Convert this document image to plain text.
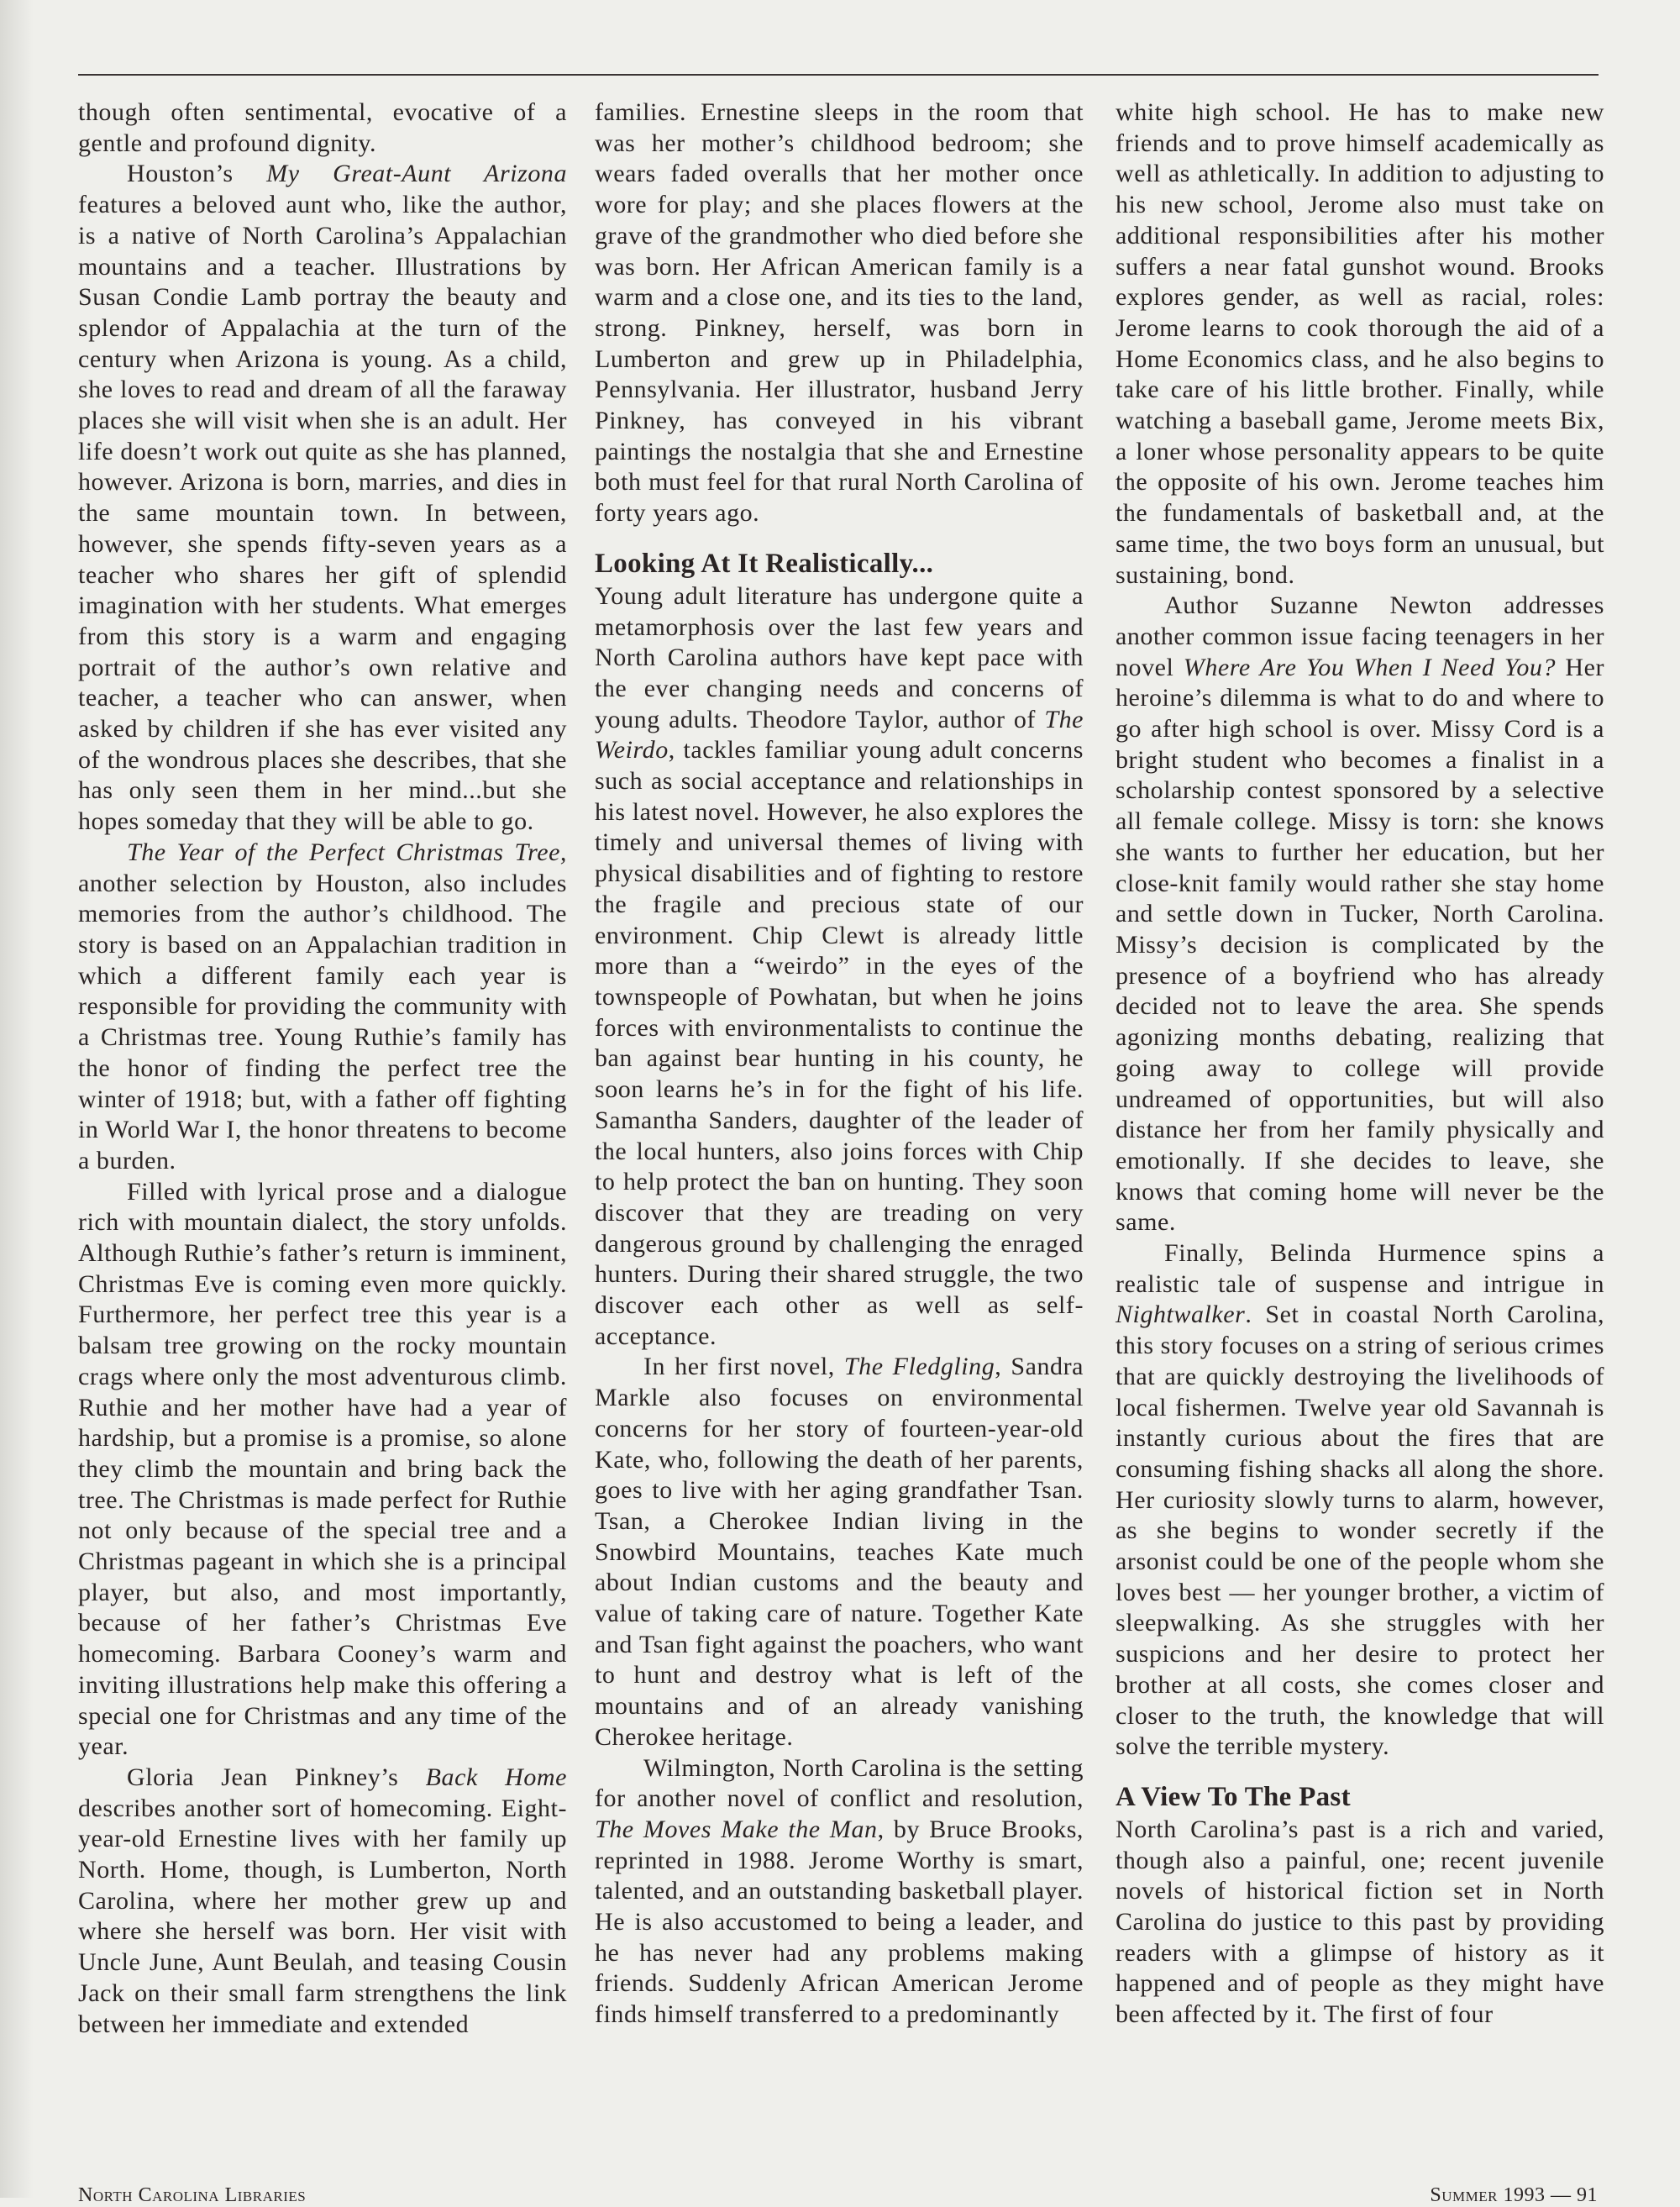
though often sentimental, evocative of a gentle and profound dignity.

Houston’s My Great-Aunt Arizona features a beloved aunt who, like the author, is a native of North Carolina’s Appalachian mountains and a teacher. Illustrations by Susan Condie Lamb portray the beauty and splendor of Appalachia at the turn of the century when Arizona is young. As a child, she loves to read and dream of all the faraway places she will visit when she is an adult. Her life doesn’t work out quite as she has planned, however. Arizona is born, marries, and dies in the same mountain town. In between, however, she spends fifty-seven years as a teacher who shares her gift of splendid imagination with her students. What emerges from this story is a warm and engaging portrait of the author’s own relative and teacher, a teacher who can answer, when asked by children if she has ever visited any of the wondrous places she describes, that she has only seen them in her mind...but she hopes someday that they will be able to go.

The Year of the Perfect Christmas Tree, another selection by Houston, also includes memories from the author’s childhood. The story is based on an Appalachian tradition in which a different family each year is responsible for providing the community with a Christmas tree. Young Ruthie’s family has the honor of finding the perfect tree the winter of 1918; but, with a father off fighting in World War I, the honor threatens to become a burden.

Filled with lyrical prose and a dialogue rich with mountain dialect, the story unfolds. Although Ruthie’s father’s return is imminent, Christmas Eve is coming even more quickly. Furthermore, her perfect tree this year is a balsam tree growing on the rocky mountain crags where only the most adventurous climb. Ruthie and her mother have had a year of hardship, but a promise is a promise, so alone they climb the mountain and bring back the tree. The Christmas is made perfect for Ruthie not only because of the special tree and a Christmas pageant in which she is a principal player, but also, and most importantly, because of her father’s Christmas Eve homecoming. Barbara Cooney’s warm and inviting illustrations help make this offering a special one for Christmas and any time of the year.

Gloria Jean Pinkney’s Back Home describes another sort of homecoming. Eight-year-old Ernestine lives with her family up North. Home, though, is Lumberton, North Carolina, where her mother grew up and where she herself was born. Her visit with Uncle June, Aunt Beulah, and teasing Cousin Jack on their small farm strengthens the link between her immediate and extended

families. Ernestine sleeps in the room that was her mother’s childhood bedroom; she wears faded overalls that her mother once wore for play; and she places flowers at the grave of the grandmother who died before she was born. Her African American family is a warm and a close one, and its ties to the land, strong. Pinkney, herself, was born in Lumberton and grew up in Philadelphia, Pennsylvania. Her illustrator, husband Jerry Pinkney, has conveyed in his vibrant paintings the nostalgia that she and Ernestine both must feel for that rural North Carolina of forty years ago.

Looking At It Realistically...

Young adult literature has undergone quite a metamorphosis over the last few years and North Carolina authors have kept pace with the ever changing needs and concerns of young adults. Theodore Taylor, author of The Weirdo, tackles familiar young adult concerns such as social acceptance and relationships in his latest novel. However, he also explores the timely and universal themes of living with physical disabilities and of fighting to restore the fragile and precious state of our environment. Chip Clewt is already little more than a “weirdo” in the eyes of the townspeople of Powhatan, but when he joins forces with environmentalists to continue the ban against bear hunting in his county, he soon learns he’s in for the fight of his life. Samantha Sanders, daughter of the leader of the local hunters, also joins forces with Chip to help protect the ban on hunting. They soon discover that they are treading on very dangerous ground by challenging the enraged hunters. During their shared struggle, the two discover each other as well as self- acceptance.

In her first novel, The Fledgling, Sandra Markle also focuses on environmental concerns for her story of fourteen-year-old Kate, who, following the death of her parents, goes to live with her aging grandfather Tsan. Tsan, a Cherokee Indian living in the Snowbird Mountains, teaches Kate much about Indian customs and the beauty and value of taking care of nature. Together Kate and Tsan fight against the poachers, who want to hunt and destroy what is left of the mountains and of an already vanishing Cherokee heritage.

Wilmington, North Carolina is the setting for another novel of conflict and resolution, The Moves Make the Man, by Bruce Brooks, reprinted in 1988. Jerome Worthy is smart, talented, and an outstanding basketball player. He is also accustomed to being a leader, and he has never had any problems making friends. Suddenly African American Jerome finds himself transferred to a predominantly

white high school. He has to make new friends and to prove himself academically as well as athletically. In addition to adjusting to his new school, Jerome also must take on additional responsibilities after his mother suffers a near fatal gunshot wound. Brooks explores gender, as well as racial, roles: Jerome learns to cook thorough the aid of a Home Economics class, and he also begins to take care of his little brother. Finally, while watching a baseball game, Jerome meets Bix, a loner whose personality appears to be quite the opposite of his own. Jerome teaches him the fundamentals of basketball and, at the same time, the two boys form an unusual, but sustaining, bond.

Author Suzanne Newton addresses another common issue facing teenagers in her novel Where Are You When I Need You? Her heroine’s dilemma is what to do and where to go after high school is over. Missy Cord is a bright student who becomes a finalist in a scholarship contest sponsored by a selective all female college. Missy is torn: she knows she wants to further her education, but her close-knit family would rather she stay home and settle down in Tucker, North Carolina. Missy’s decision is complicated by the presence of a boyfriend who has already decided not to leave the area. She spends agonizing months debating, realizing that going away to college will provide undreamed of opportunities, but will also distance her from her family physically and emotionally. If she decides to leave, she knows that coming home will never be the same.

Finally, Belinda Hurmence spins a realistic tale of suspense and intrigue in Nightwalker. Set in coastal North Carolina, this story focuses on a string of serious crimes that are quickly destroying the livelihoods of local fishermen. Twelve year old Savannah is instantly curious about the fires that are consuming fishing shacks all along the shore. Her curiosity slowly turns to alarm, however, as she begins to wonder secretly if the arsonist could be one of the people whom she loves best — her younger brother, a victim of sleepwalking. As she struggles with her suspicions and her desire to protect her brother at all costs, she comes closer and closer to the truth, the knowledge that will solve the terrible mystery.

A View To The Past

North Carolina’s past is a rich and varied, though also a painful, one; recent juvenile novels of historical fiction set in North Carolina do justice to this past by providing readers with a glimpse of history as it happened and of people as they might have been affected by it. The first of four

North Carolina Libraries	Summer 1993 — 91
